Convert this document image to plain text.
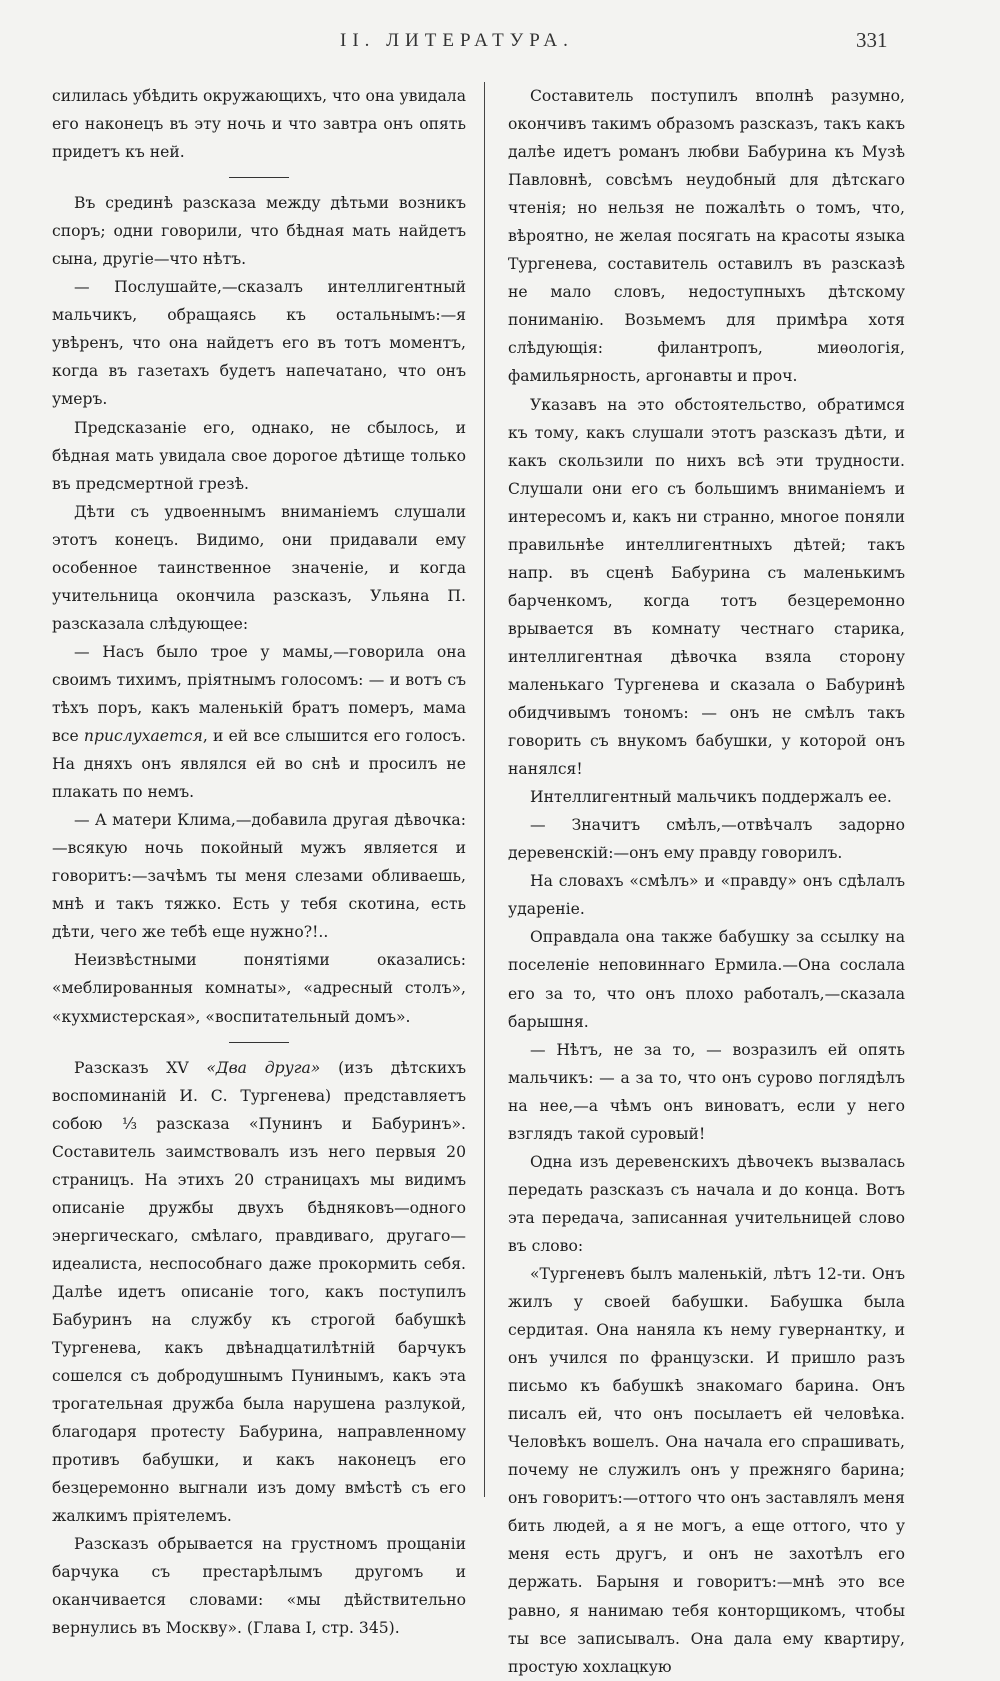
II. ЛИТЕРАТУРА.	331

силилась убѣдить окружающихъ, что она увидала его наконецъ въ эту ночь и что завтра онъ опять придетъ къ ней.

Въ срединѣ разсказа между дѣтьми возникъ споръ; одни говорили, что бѣдная мать найдетъ сына, другіе—что нѣтъ.

— Послушайте,—сказалъ интеллигентный мальчикъ, обращаясь къ остальнымъ:—я увѣренъ, что она найдетъ его въ тотъ моментъ, когда въ газетахъ будетъ напечатано, что онъ умеръ.

Предсказаніе его, однако, не сбылось, и бѣдная мать увидала свое дорогое дѣтище только въ предсмертной грезѣ.

Дѣти съ удвоеннымъ вниманіемъ слушали этотъ конецъ. Видимо, они придавали ему особенное таинственное значеніе, и когда учительница окончила разсказъ, Ульяна П. разсказала слѣдующее:

— Насъ было трое у мамы,—говорила она своимъ тихимъ, пріятнымъ голосомъ: — и вотъ съ тѣхъ поръ, какъ маленькій братъ померъ, мама все прислухается, и ей все слышится его голосъ. На дняхъ онъ являлся ей во снѣ и просилъ не плакать по немъ.

— А матери Клима,—добавила другая дѣвочка:—всякую ночь покойный мужъ является и говоритъ:—зачѣмъ ты меня слезами обливаешь, мнѣ и такъ тяжко. Есть у тебя скотина, есть дѣти, чего же тебѣ еще нужно?!..

Неизвѣстными понятіями оказались: «меблированныя комнаты», «адресный столъ», «кухмистерская», «воспитательный домъ».

Разсказъ XV «Два друга» (изъ дѣтскихъ воспоминаній И. С. Тургенева) представляетъ собою ⅓ разсказа «Пунинъ и Бабуринъ». Составитель заимствовалъ изъ него первыя 20 страницъ. На этихъ 20 страницахъ мы видимъ описаніе дружбы двухъ бѣдняковъ—одного энергическаго, смѣлаго, правдиваго, другаго—идеалиста, неспособнаго даже прокормить себя. Далѣе идетъ описаніе того, какъ поступилъ Бабуринъ на службу къ строгой бабушкѣ Тургенева, какъ двѣнадцатилѣтній барчукъ сошелся съ добродушнымъ Пунинымъ, какъ эта трогательная дружба была нарушена разлукой, благодаря протесту Бабурина, направленному противъ бабушки, и какъ наконецъ его безцеремонно выгнали изъ дому вмѣстѣ съ его жалкимъ пріятелемъ.

Разсказъ обрывается на грустномъ прощаніи барчука съ престарѣлымъ другомъ и оканчивается словами: «мы дѣйствительно вернулись въ Москву». (Глава I, стр. 345).

Составитель поступилъ вполнѣ разумно, окончивъ такимъ образомъ разсказъ, такъ какъ далѣе идетъ романъ любви Бабурина къ Музѣ Павловнѣ, совсѣмъ неудобный для дѣтскаго чтенія; но нельзя не пожалѣть о томъ, что, вѣроятно, не желая посягать на красоты языка Тургенева, составитель оставилъ въ разсказѣ не мало словъ, недоступныхъ дѣтскому пониманію. Возьмемъ для примѣра хотя слѣдующія: филантропъ, миѳологія, фамильярность, аргонавты и проч.

Указавъ на это обстоятельство, обратимся къ тому, какъ слушали этотъ разсказъ дѣти, и какъ скользили по нихъ всѣ эти трудности. Слушали они его съ большимъ вниманіемъ и интересомъ и, какъ ни странно, многое поняли правильнѣе интеллигентныхъ дѣтей; такъ напр. въ сценѣ Бабурина съ маленькимъ барченкомъ, когда тотъ безцеремонно врывается въ комнату честнаго старика, интеллигентная дѣвочка взяла сторону маленькаго Тургенева и сказала о Бабуринѣ обидчивымъ тономъ: — онъ не смѣлъ такъ говорить съ внукомъ бабушки, у которой онъ нанялся!

Интеллигентный мальчикъ поддержалъ ее.

— Значитъ смѣлъ,—отвѣчалъ задорно деревенскій:—онъ ему правду говорилъ.

На словахъ «смѣлъ» и «правду» онъ сдѣлалъ удареніе.

Оправдала она также бабушку за ссылку на поселеніе неповиннаго Ермила.—Она сослала его за то, что онъ плохо работалъ,—сказала барышня.

— Нѣтъ, не за то, — возразилъ ей опять мальчикъ: — а за то, что онъ сурово поглядѣлъ на нее,—а чѣмъ онъ виноватъ, если у него взглядъ такой суровый!

Одна изъ деревенскихъ дѣвочекъ вызвалась передать разсказъ съ начала и до конца. Вотъ эта передача, записанная учительницей слово въ слово:

«Тургеневъ былъ маленькій, лѣтъ 12-ти. Онъ жилъ у своей бабушки. Бабушка была сердитая. Она наняла къ нему гувернантку, и онъ учился по французски. И пришло разъ письмо къ бабушкѣ знакомаго барина. Онъ писалъ ей, что онъ посылаетъ ей человѣка. Человѣкъ вошелъ. Она начала его спрашивать, почему не служилъ онъ у прежняго барина; онъ говоритъ:—оттого что онъ заставлялъ меня бить людей, а я не могъ, а еще оттого, что у меня есть другъ, и онъ не захотѣлъ его держать. Барыня и говоритъ:—мнѣ это все равно, я нанимаю тебя конторщикомъ, чтобы ты все записывалъ. Она дала ему квартиру, простую хохлацкую
